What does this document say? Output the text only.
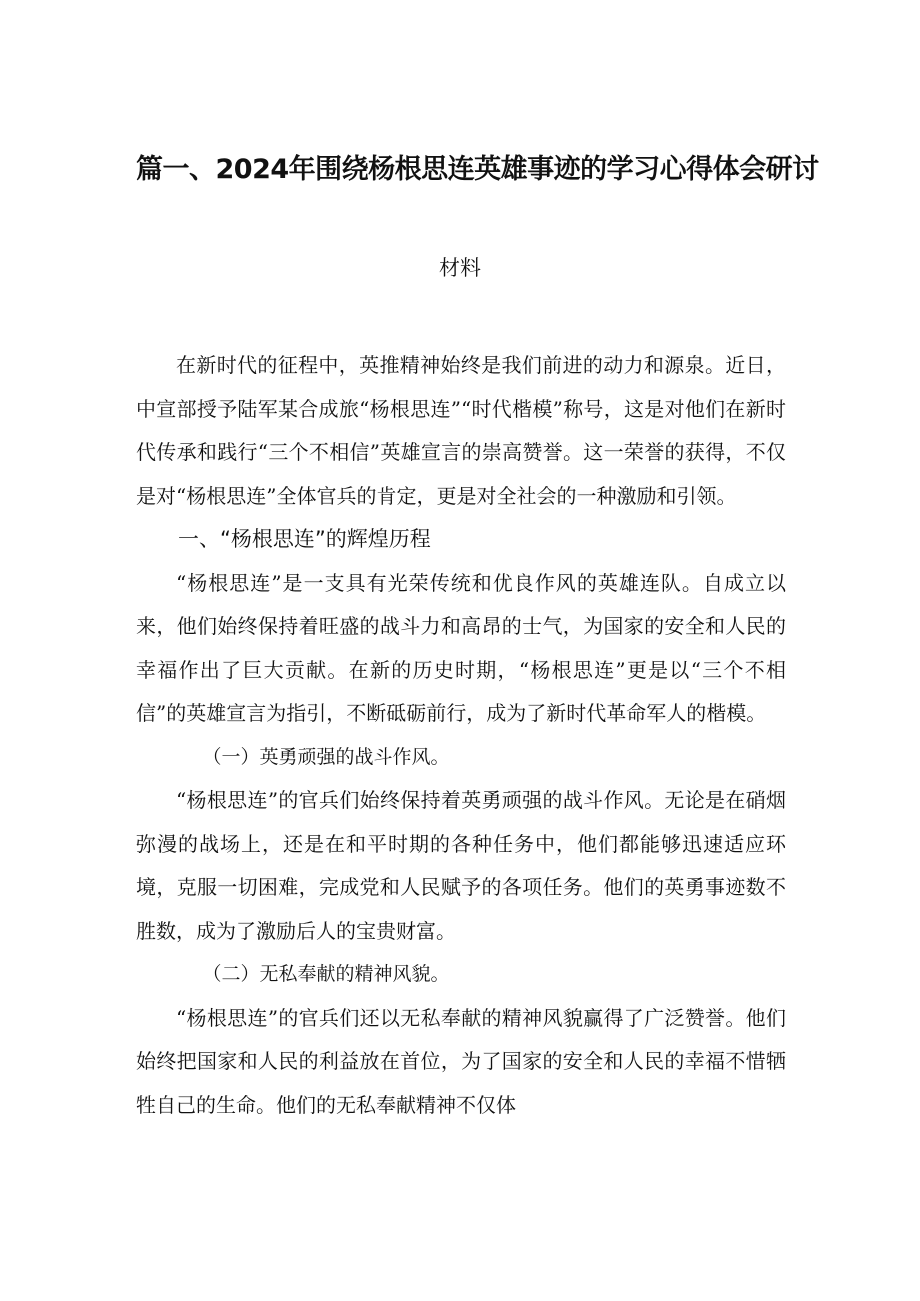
篇一、2024年围绕杨根思连英雄事迹的学习心得体会研讨
材料

在新时代的征程中，英推精神始终是我们前进的动力和源泉。近日，中宣部授予陆军某合成旅“杨根思连”“时代楷模”称号，这是对他们在新时代传承和践行“三个不相信”英雄宣言的崇高赞誉。这一荣誉的获得，不仅是对“杨根思连”全体官兵的肯定，更是对全社会的一种激励和引领。

一、“杨根思连”的辉煌历程

“杨根思连”是一支具有光荣传统和优良作风的英雄连队。自成立以来，他们始终保持着旺盛的战斗力和高昂的士气，为国家的安全和人民的幸福作出了巨大贡献。在新的历史时期，“杨根思连”更是以“三个不相信”的英雄宣言为指引，不断砥砺前行，成为了新时代革命军人的楷模。

（一）英勇顽强的战斗作风。

“杨根思连”的官兵们始终保持着英勇顽强的战斗作风。无论是在硝烟弥漫的战场上，还是在和平时期的各种任务中，他们都能够迅速适应环境，克服一切困难，完成党和人民赋予的各项任务。他们的英勇事迹数不胜数，成为了激励后人的宝贵财富。

（二）无私奉献的精神风貌。

“杨根思连”的官兵们还以无私奉献的精神风貌赢得了广泛赞誉。他们始终把国家和人民的利益放在首位，为了国家的安全和人民的幸福不惜牺牲自己的生命。他们的无私奉献精神不仅体
